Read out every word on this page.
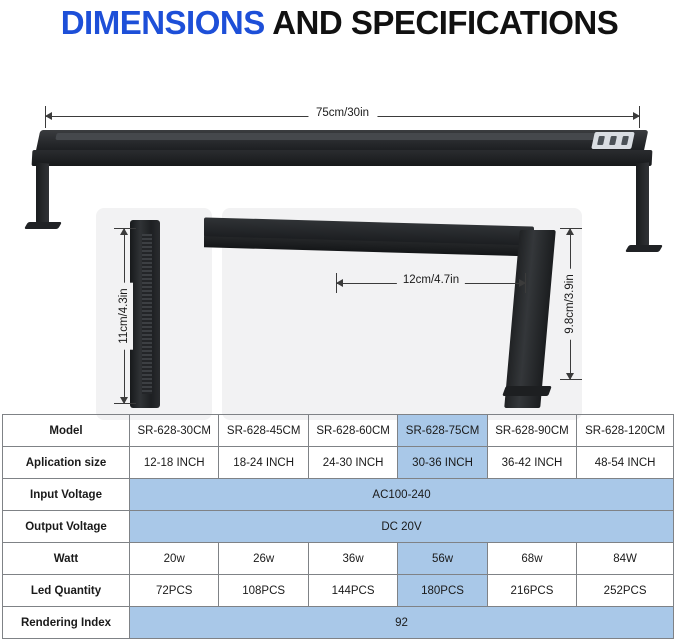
DIMENSIONS AND SPECIFICATIONS
75cm/30in
11cm/4.3in
12cm/4.7in	9.8cm/3.9in
Model	SR-628-30CM	SR-628-45CM	SR-628-60CM	SR-628-75CM	SR-628-90CM	SR-628-120CM
Aplication size	12-18 INCH	18-24 INCH	24-30 INCH	30-36 INCH	36-42 INCH	48-54 INCH
Input Voltage	AC100-240					
Output Voltage	DC 20V					
Watt	20w	26w	36w	56w	68w	84W
Led Quantity	72PCS	108PCS	144PCS	180PCS	216PCS	252PCS
Rendering Index	92					
